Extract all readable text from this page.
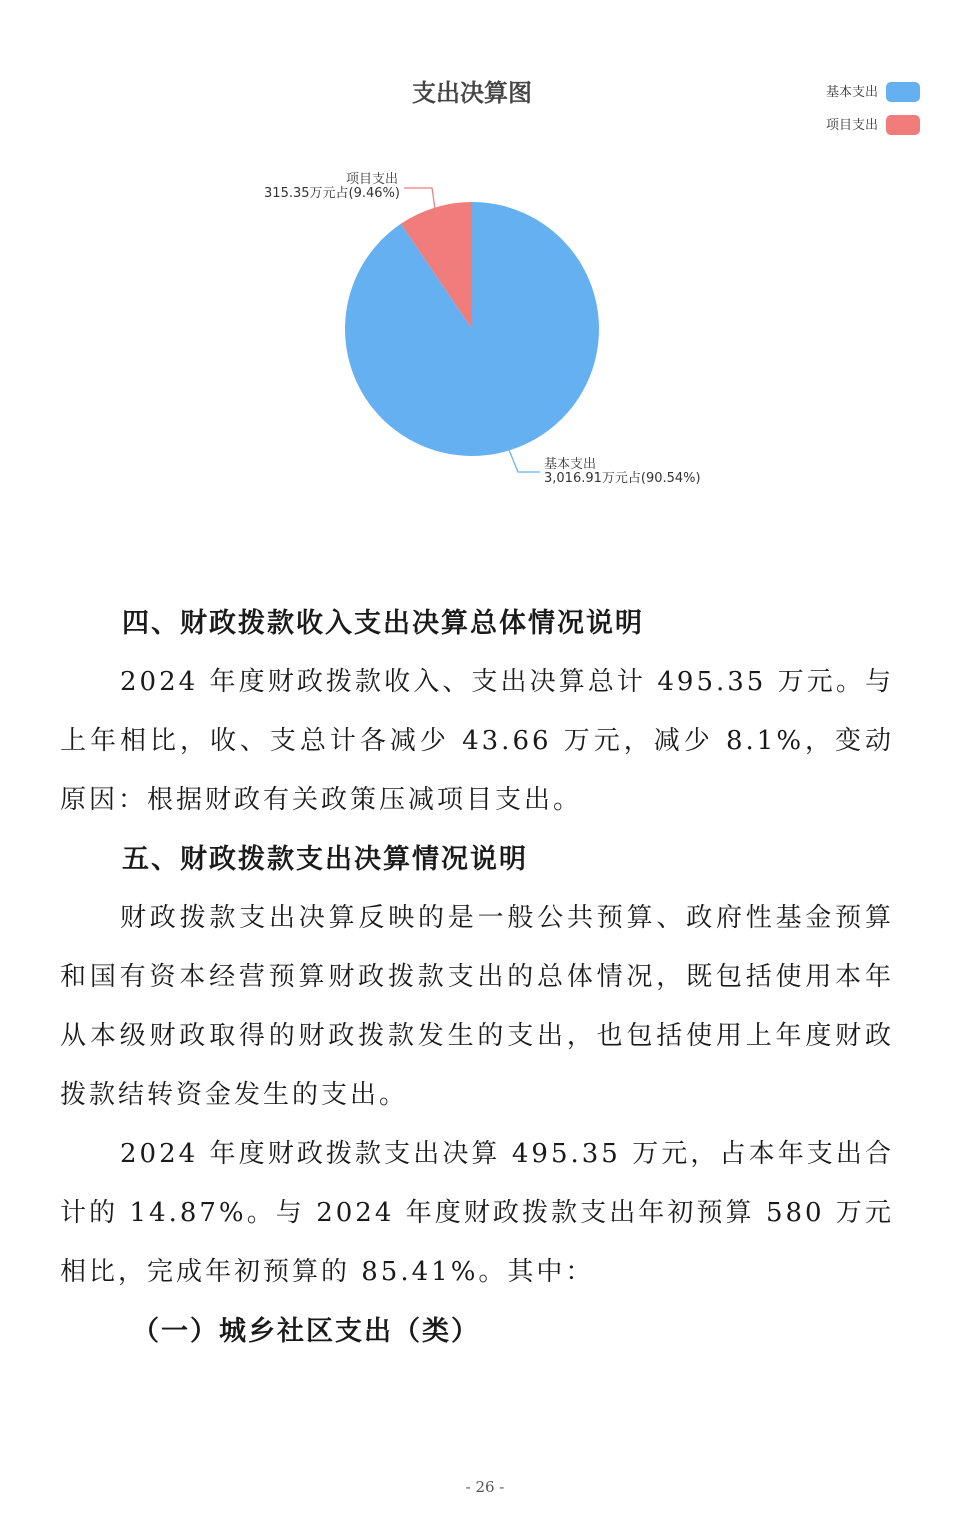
支出决算图	基本支出
项目支出
项目支出
315.35万元占(9.46%)
基本支出
3,016.91万元占(90.54%)

四、财政拨款收入支出决算总体情况说明

2024 年度财政拨款收入、支出决算总计 495.35 万元。与上年相比，收、支总计各减少 43.66 万元，减少 8.1%，变动原因：根据财政有关政策压减项目支出。

五、财政拨款支出决算情况说明

财政拨款支出决算反映的是一般公共预算、政府性基金预算和国有资本经营预算财政拨款支出的总体情况，既包括使用本年从本级财政取得的财政拨款发生的支出，也包括使用上年度财政拨款结转资金发生的支出。

2024 年度财政拨款支出决算 495.35 万元，占本年支出合计的 14.87%。与 2024 年度财政拨款支出年初预算 580 万元相比，完成年初预算的 85.41%。其中：

（一）城乡社区支出（类）

- 26 -
